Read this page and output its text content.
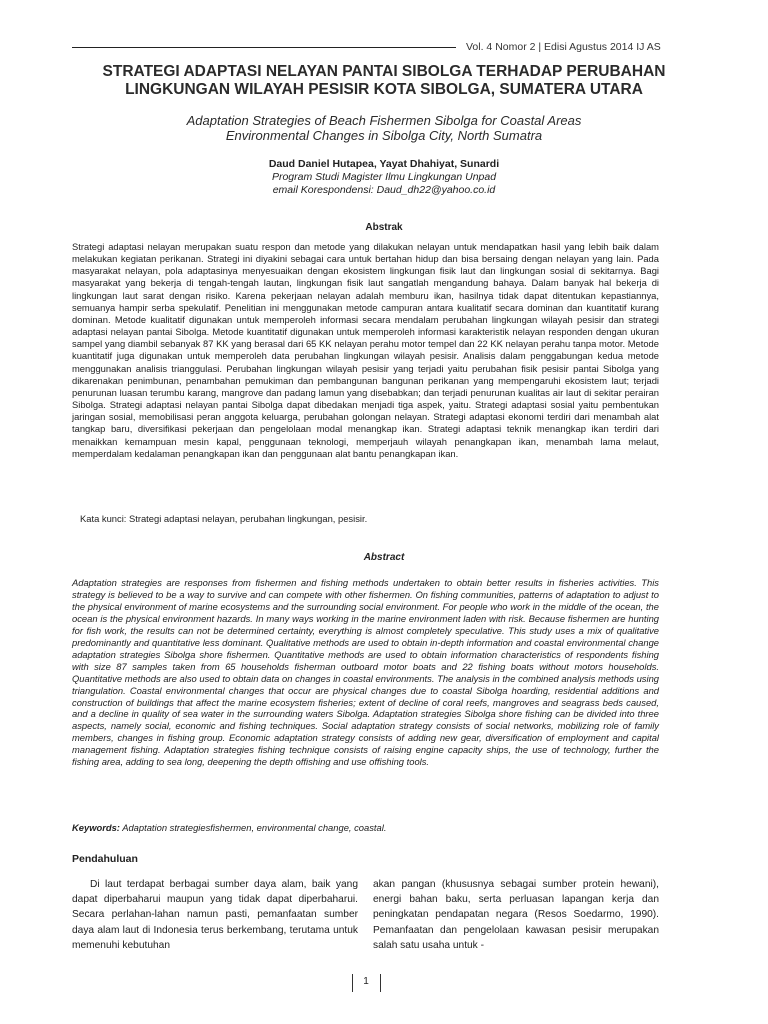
Vol. 4 Nomor 2 | Edisi Agustus 2014 IJ AS
STRATEGI ADAPTASI NELAYAN PANTAI SIBOLGA TERHADAP PERUBAHAN
LINGKUNGAN WILAYAH PESISIR KOTA SIBOLGA, SUMATERA UTARA
Adaptation Strategies of Beach Fishermen Sibolga for Coastal Areas
Environmental Changes in Sibolga City, North Sumatra
Daud Daniel Hutapea, Yayat Dhahiyat, Sunardi
Program Studi Magister Ilmu Lingkungan Unpad
email Korespondensi: Daud_dh22@yahoo.co.id
Abstrak
Strategi adaptasi nelayan merupakan suatu respon dan metode yang dilakukan nelayan untuk mendapatkan hasil yang lebih baik dalam melakukan kegiatan perikanan. Strategi ini diyakini sebagai cara untuk bertahan hidup dan bisa bersaing dengan nelayan yang lain. Pada masyarakat nelayan, pola adaptasinya menyesuaikan dengan ekosistem lingkungan fisik laut dan lingkungan sosial di sekitarnya. Bagi masyarakat yang bekerja di tengah-tengah lautan, lingkungan fisik laut sangatlah mengandung bahaya. Dalam banyak hal bekerja di lingkungan laut sarat dengan risiko. Karena pekerjaan nelayan adalah memburu ikan, hasilnya tidak dapat ditentukan kepastiannya, semuanya hampir serba spekulatif. Penelitian ini menggunakan metode campuran antara kualitatif secara dominan dan kuantitatif kurang dominan. Metode kualitatif digunakan untuk memperoleh informasi secara mendalam perubahan lingkungan wilayah pesisir dan strategi adaptasi nelayan pantai Sibolga. Metode kuantitatif digunakan untuk memperoleh informasi karakteristik nelayan responden dengan ukuran sampel yang diambil sebanyak 87 KK yang berasal dari 65 KK nelayan perahu motor tempel dan 22 KK nelayan perahu tanpa motor. Metode kuantitatif juga digunakan untuk memperoleh data perubahan lingkungan wilayah pesisir. Analisis dalam penggabungan kedua metode menggunakan analisis trianggulasi. Perubahan lingkungan wilayah pesisir yang terjadi yaitu perubahan fisik pesisir pantai Sibolga yang dikarenakan penimbunan, penambahan pemukiman dan pembangunan bangunan perikanan yang mempengaruhi ekosistem laut; terjadi penurunan luasan terumbu karang, mangrove dan padang lamun yang disebabkan; dan terjadi penurunan kualitas air laut di sekitar perairan Sibolga. Strategi adaptasi nelayan pantai Sibolga dapat dibedakan menjadi tiga aspek, yaitu. Strategi adaptasi sosial yaitu pembentukan jaringan sosial, memobilisasi peran anggota keluarga, perubahan golongan nelayan. Strategi adaptasi ekonomi terdiri dari menambah alat tangkap baru, diversifikasi pekerjaan dan pengelolaan modal menangkap ikan. Strategi adaptasi teknik menangkap ikan terdiri dari menaikkan kemampuan mesin kapal, penggunaan teknologi, memperjauh wilayah penangkapan ikan, menambah lama melaut, memperdalam kedalaman penangkapan ikan dan penggunaan alat bantu penangkapan ikan.
Kata kunci: Strategi adaptasi nelayan, perubahan lingkungan, pesisir.
Abstract
Adaptation strategies are responses from fishermen and fishing methods undertaken to obtain better results in fisheries activities. This strategy is believed to be a way to survive and can compete with other fishermen. On fishing communities, patterns of adaptation to adjust to the physical environment of marine ecosystems and the surrounding social environment. For people who work in the middle of the ocean, the ocean is the physical environment hazards. In many ways working in the marine environment laden with risk. Because fishermen are hunting for fish work, the results can not be determined certainty, everything is almost completely speculative. This study uses a mix of qualitative predominantly and quantitative less dominant. Qualitative methods are used to obtain in-depth information and coastal environmental change adaptation strategies Sibolga shore fishermen. Quantitative methods are used to obtain information characteristics of respondents fishing with size 87 samples taken from 65 households fisherman outboard motor boats and 22 fishing boats without motors households. Quantitative methods are also used to obtain data on changes in coastal environments. The analysis in the combined analysis methods using triangulation. Coastal environmental changes that occur are physical changes due to coastal Sibolga hoarding, residential additions and construction of buildings that affect the marine ecosystem fisheries; extent of decline of coral reefs, mangroves and seagrass beds caused, and a decline in quality of sea water in the surrounding waters Sibolga. Adaptation strategies Sibolga shore fishing can be divided into three aspects, namely social, economic and fishing techniques. Social adaptation strategy consists of social networks, mobilizing role of family members, changes in fishing group. Economic adaptation strategy consists of adding new gear, diversification of employment and capital management fishing. Adaptation strategies fishing technique consists of raising engine capacity ships, the use of technology, further the fishing area, adding to sea long, deepening the depth offishing and use offishing tools.
Keywords: Adaptation strategiesfishermen, environmental change, coastal.
Pendahuluan
Di laut terdapat berbagai sumber daya alam, baik yang dapat diperbaharui maupun yang tidak dapat diperbaharui. Secara perlahan-lahan namun pasti, pemanfaatan sumber daya alam laut di Indonesia terus berkembang, terutama untuk memenuhi kebutuhan
akan pangan (khususnya sebagai sumber protein hewani), energi bahan baku, serta perluasan lapangan kerja dan peningkatan pendapatan negara (Resos Soedarmo, 1990). Pemanfaatan dan pengelolaan kawasan pesisir merupakan salah satu usaha untuk -
1
